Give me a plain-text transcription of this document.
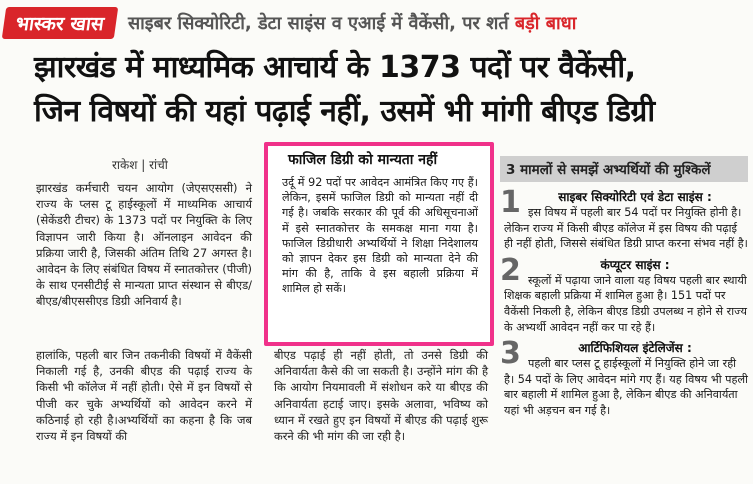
भास्कर खास	साइबर सिक्योरिटी, डेटा साइंस व एआई में वैकेंसी, पर शर्त बड़ी बाधा
झारखंड में माध्यमिक आचार्य के 1373 पदों पर वैकेंसी,
जिन विषयों की यहां पढ़ाई नहीं, उसमें भी मांगी बीएड डिग्री
राकेश | रांची
झारखंड कर्मचारी चयन आयोग (जेएसएससी) ने राज्य के प्लस टू हाईस्कूलों में माध्यमिक आचार्य (सेकेंडरी टीचर) के 1373 पदों पर नियुक्ति के लिए विज्ञापन जारी किया है। ऑनलाइन आवेदन की प्रक्रिया जारी है, जिसकी अंतिम तिथि 27 अगस्त है। आवेदन के लिए संबंधित विषय में स्नातकोत्तर (पीजी) के साथ एनसीटीई से मान्यता प्राप्त संस्थान से बीएड/बीएड/बीएससीएड डिग्री अनिवार्य है।
हालांकि, पहली बार जिन तकनीकी विषयों में वैकेंसी निकाली गई है, उनकी बीएड की पढ़ाई राज्य के किसी भी कॉलेज में नहीं होती। ऐसे में इन विषयों से पीजी कर चुके अभ्यर्थियों को आवेदन करने में कठिनाई हो रही है।अभ्यर्थियों का कहना है कि जब राज्य में इन विषयों की
बीएड पढ़ाई ही नहीं होती, तो उनसे डिग्री की अनिवार्यता कैसे की जा सकती है। उन्होंने मांग की है कि आयोग नियमावली में संशोधन करे या बीएड की अनिवार्यता हटाई जाए। इसके अलावा, भविष्य को ध्यान में रखते हुए इन विषयों में बीएड की पढ़ाई शुरू करने की भी मांग की जा रही है।
फाजिल डिग्री को मान्यता नहीं

उर्दू में 92 पदों पर आवेदन आमंत्रित किए गए हैं। लेकिन, इसमें फाजिल डिग्री को मान्यता नहीं दी गई है। जबकि सरकार की पूर्व की अधिसूचनाओं में इसे स्नातकोत्तर के समकक्ष माना गया है। फाजिल डिग्रीधारी अभ्यर्थियों ने शिक्षा निदेशालय को ज्ञापन देकर इस डिग्री को मान्यता देने की मांग की है, ताकि वे इस बहाली प्रक्रिया में शामिल हो सकें।

3 मामलों से समझें अभ्यर्थियों की मुश्किलें
1	साइबर सिक्योरिटी एवं डेटा साइंस :
इस विषय में पहली बार 54 पदों पर नियुक्ति होनी है। लेकिन राज्य में किसी बीएड कॉलेज में इस विषय की पढ़ाई ही नहीं होती, जिससे संबंधित डिग्री प्राप्त करना संभव नहीं है।
2	कंप्यूटर साइंस :
स्कूलों में पढ़ाया जाने वाला यह विषय पहली बार स्थायी शिक्षक बहाली प्रक्रिया में शामिल हुआ है। 151 पदों पर वैकेंसी निकली है, लेकिन बीएड डिग्री उपलब्ध न होने से राज्य के अभ्यर्थी आवेदन नहीं कर पा रहे हैं।
3	आर्टिफिशियल इंटेलिजेंस :
पहली बार प्लस टू हाईस्कूलों में नियुक्ति होने जा रही है। 54 पदों के लिए आवेदन मांगे गए हैं। यह विषय भी पहली बार बहाली में शामिल हुआ है, लेकिन बीएड की अनिवार्यता यहां भी अड़चन बन गई है।
